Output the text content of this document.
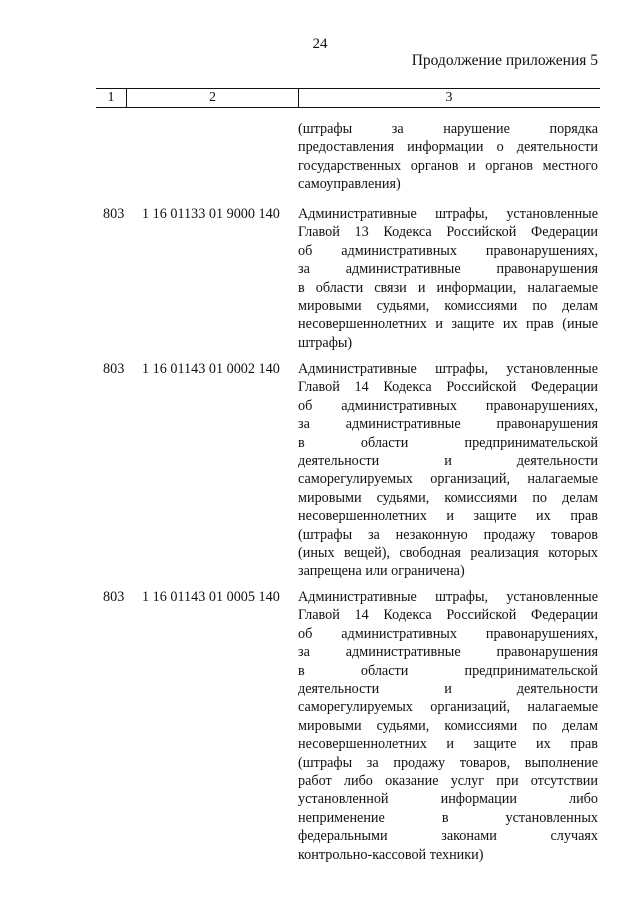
24
Продолжение приложения 5
1	2	3
(штрафы за нарушение порядка
предоставления информации о деятельности
государственных органов и органов местного
самоуправления)
803 1 16 01133 01 9000 140 Административные штрафы, установленные
Главой 13 Кодекса Российской Федерации
об административных правонарушениях,
за административные правонарушения
в области связи и информации, налагаемые
мировыми судьями, комиссиями по делам
несовершеннолетних и защите их прав (иные
штрафы)
803 1 16 01143 01 0002 140 Административные штрафы, установленные
Главой 14 Кодекса Российской Федерации
об административных правонарушениях,
за административные правонарушения
в области предпринимательской
деятельности и деятельности
саморегулируемых организаций, налагаемые
мировыми судьями, комиссиями по делам
несовершеннолетних и защите их прав
(штрафы за незаконную продажу товаров
(иных вещей), свободная реализация которых
запрещена или ограничена)
803 1 16 01143 01 0005 140 Административные штрафы, установленные
Главой 14 Кодекса Российской Федерации
об административных правонарушениях,
за административные правонарушения
в области предпринимательской
деятельности и деятельности
саморегулируемых организаций, налагаемые
мировыми судьями, комиссиями по делам
несовершеннолетних и защите их прав
(штрафы за продажу товаров, выполнение
работ либо оказание услуг при отсутствии
установленной информации либо
неприменение в установленных
федеральными законами случаях
контрольно-кассовой техники)
